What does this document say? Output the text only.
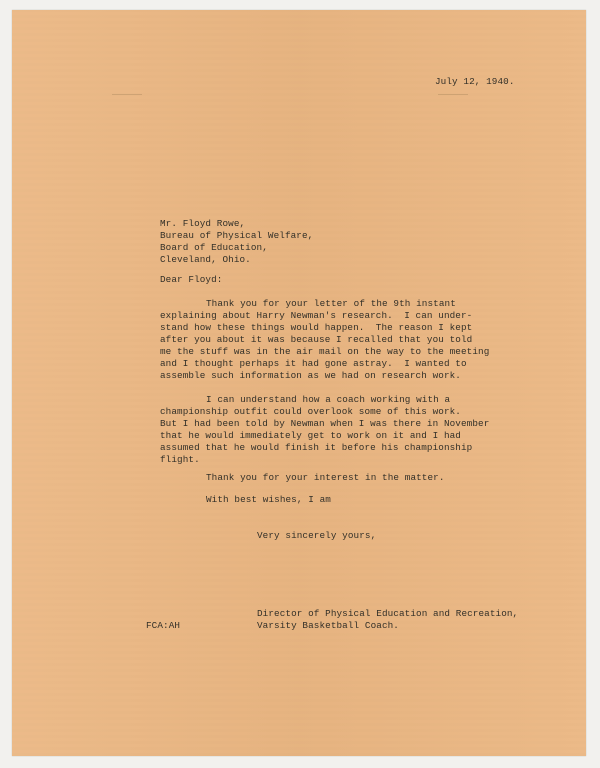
July 12, 1940.
Mr. Floyd Rowe,
Bureau of Physical Welfare,
Board of Education,
Cleveland, Ohio.
Dear Floyd:
Thank you for your letter of the 9th instant
explaining about Harry Newman's research.  I can under-
stand how these things would happen.  The reason I kept
after you about it was because I recalled that you told
me the stuff was in the air mail on the way to the meeting
and I thought perhaps it had gone astray.  I wanted to
assemble such information as we had on research work.
I can understand how a coach working with a
championship outfit could overlook some of this work.
But I had been told by Newman when I was there in November
that he would immediately get to work on it and I had
assumed that he would finish it before his championship
flight.
Thank you for your interest in the matter.
With best wishes, I am
Very sincerely yours,
Director of Physical Education and Recreation,
Varsity Basketball Coach.
FCA:AH
